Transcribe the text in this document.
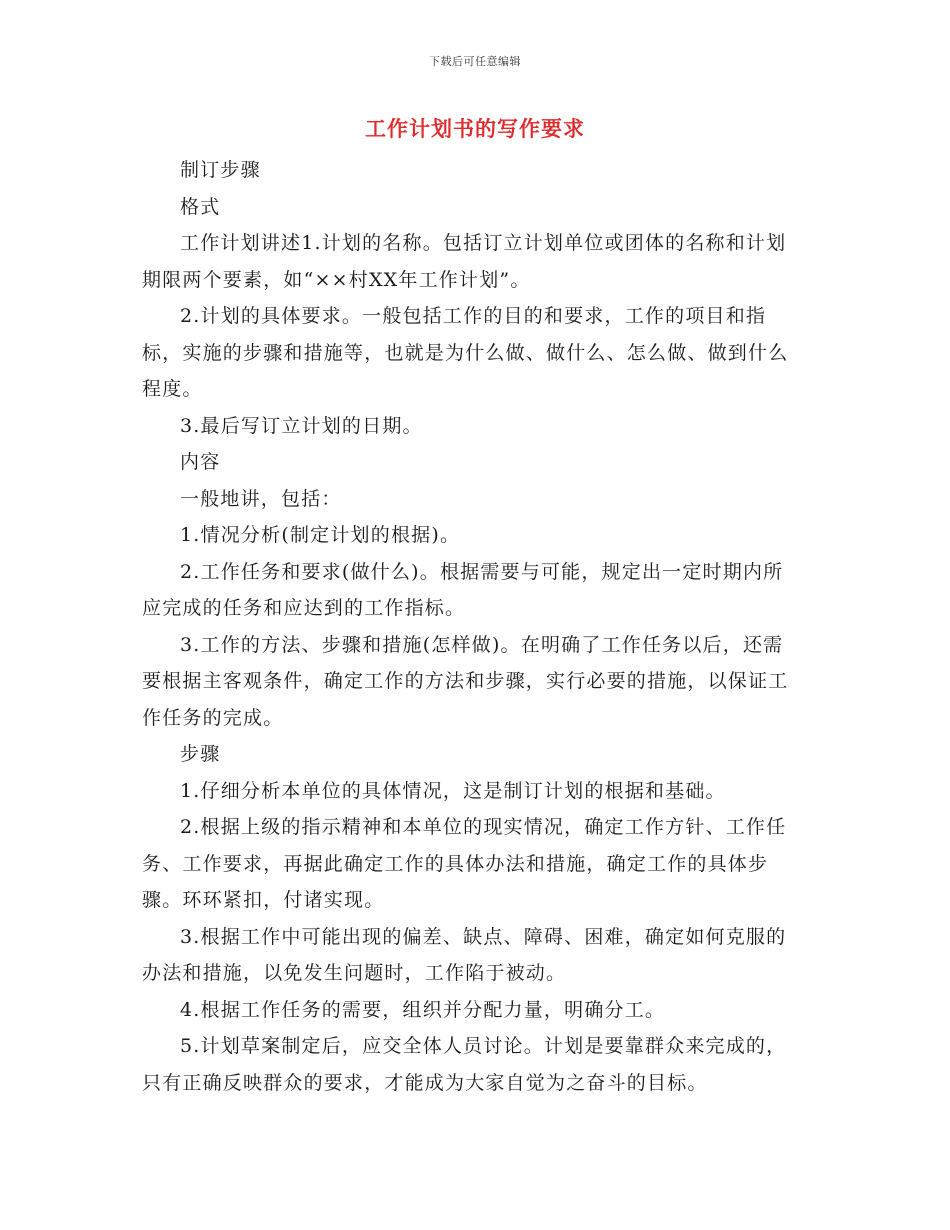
下载后可任意编辑
工作计划书的写作要求

制订步骤

格式

工作计划讲述1.计划的名称。包括订立计划单位或团体的名称和计划期限两个要素，如“××村XX年工作计划”。

2.计划的具体要求。一般包括工作的目的和要求，工作的项目和指标，实施的步骤和措施等，也就是为什么做、做什么、怎么做、做到什么程度。

3.最后写订立计划的日期。

内容

一般地讲，包括：

1.情况分析(制定计划的根据)。

2.工作任务和要求(做什么)。根据需要与可能，规定出一定时期内所应完成的任务和应达到的工作指标。

3.工作的方法、步骤和措施(怎样做)。在明确了工作任务以后，还需要根据主客观条件，确定工作的方法和步骤，实行必要的措施，以保证工作任务的完成。

步骤

1.仔细分析本单位的具体情况，这是制订计划的根据和基础。

2.根据上级的指示精神和本单位的现实情况，确定工作方针、工作任务、工作要求，再据此确定工作的具体办法和措施，确定工作的具体步骤。环环紧扣，付诸实现。

3.根据工作中可能出现的偏差、缺点、障碍、困难，确定如何克服的办法和措施，以免发生问题时，工作陷于被动。

4.根据工作任务的需要，组织并分配力量，明确分工。

5.计划草案制定后，应交全体人员讨论。计划是要靠群众来完成的，只有正确反映群众的要求，才能成为大家自觉为之奋斗的目标。
